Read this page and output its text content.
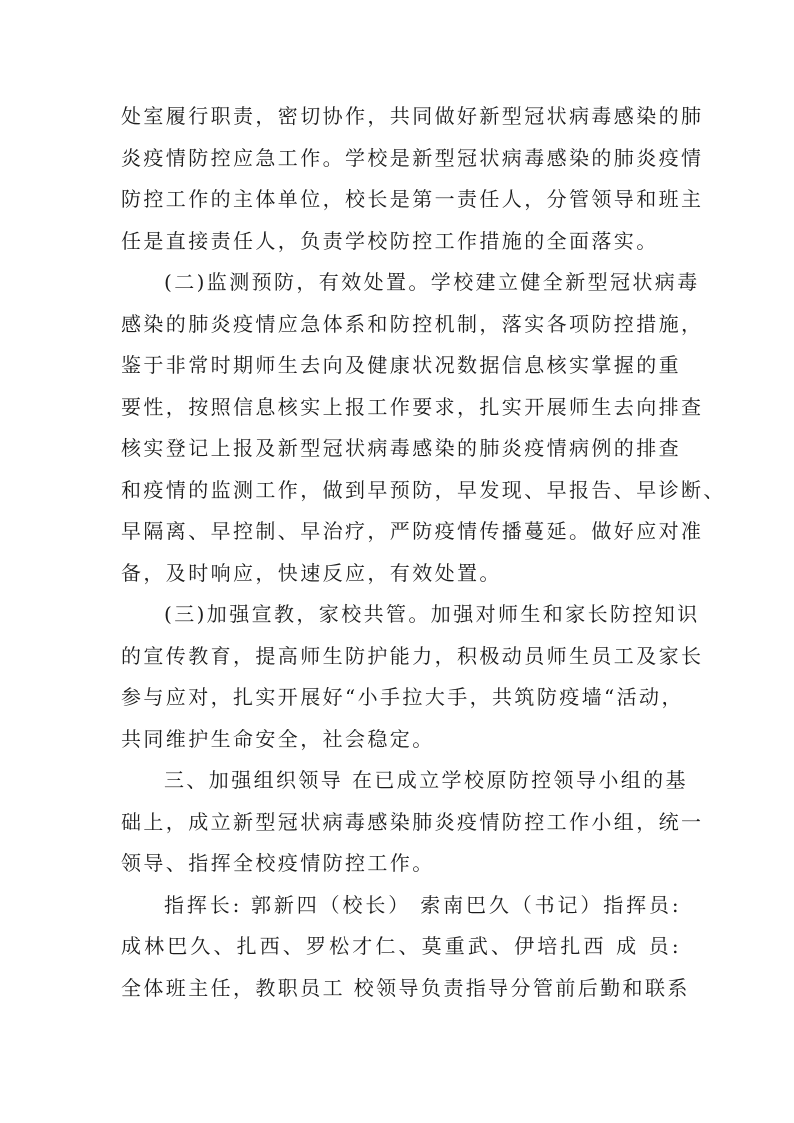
处室履行职责，密切协作，共同做好新型冠状病毒感染的肺
炎疫情防控应急工作。学校是新型冠状病毒感染的肺炎疫情
防控工作的主体单位，校长是第一责任人，分管领导和班主
任是直接责任人，负责学校防控工作措施的全面落实。
(二)监测预防，有效处置。学校建立健全新型冠状病毒
感染的肺炎疫情应急体系和防控机制，落实各项防控措施，
鉴于非常时期师生去向及健康状况数据信息核实掌握的重
要性，按照信息核实上报工作要求，扎实开展师生去向排查
核实登记上报及新型冠状病毒感染的肺炎疫情病例的排查
和疫情的监测工作，做到早预防，早发现、早报告、早诊断、
早隔离、早控制、早治疗，严防疫情传播蔓延。做好应对准
备，及时响应，快速反应，有效处置。
(三)加强宣教，家校共管。加强对师生和家长防控知识
的宣传教育，提高师生防护能力，积极动员师生员工及家长
参与应对，扎实开展好“小手拉大手，共筑防疫墙“活动，
共同维护生命安全，社会稳定。
三、加强组织领导 在已成立学校原防控领导小组的基
础上，成立新型冠状病毒感染肺炎疫情防控工作小组，统一
领导、指挥全校疫情防控工作。
指挥长: 郭新四（校长） 索南巴久（书记）指挥员:
成林巴久、扎西、罗松才仁、莫重武、伊培扎西 成 员:
全体班主任，教职员工 校领导负责指导分管前后勤和联系
